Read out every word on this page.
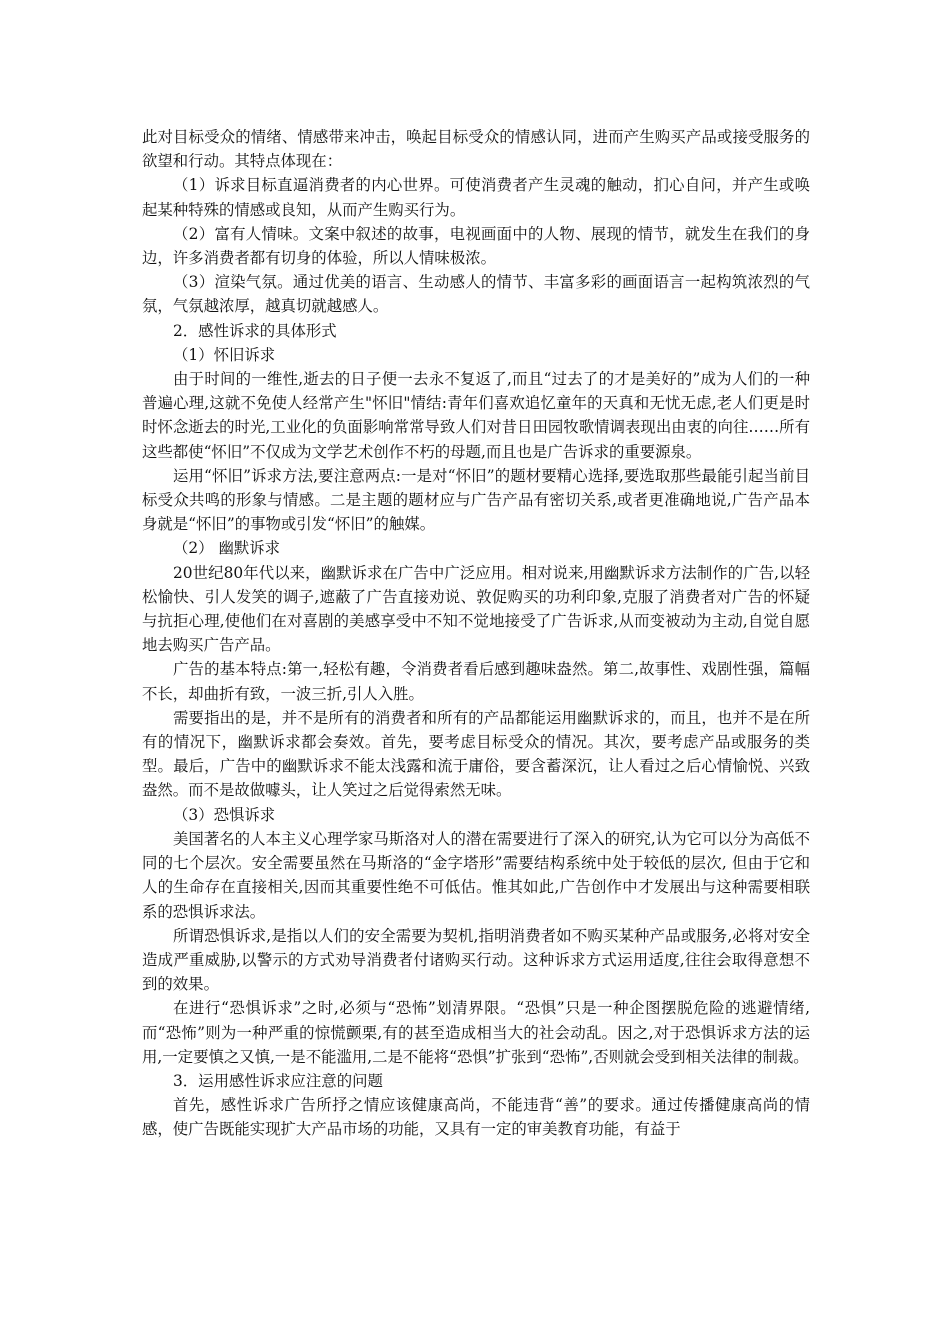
此对目标受众的情绪、情感带来冲击，唤起目标受众的情感认同，进而产生购买产品或接受服务的欲望和行动。其特点体现在：

（1）诉求目标直逼消费者的内心世界。可使消费者产生灵魂的触动，扪心自问，并产生或唤起某种特殊的情感或良知，从而产生购买行为。

（2）富有人情味。文案中叙述的故事，电视画面中的人物、展现的情节，就发生在我们的身边，许多消费者都有切身的体验，所以人情味极浓。

（3）渲染气氛。通过优美的语言、生动感人的情节、丰富多彩的画面语言一起构筑浓烈的气氛，气氛越浓厚，越真切就越感人。

2．感性诉求的具体形式

（1）怀旧诉求

由于时间的一维性,逝去的日子便一去永不复返了,而且“过去了的才是美好的”成为人们的一种普遍心理,这就不免使人经常产生"怀旧"情结:青年们喜欢追忆童年的天真和无忧无虑,老人们更是时时怀念逝去的时光,工业化的负面影响常常导致人们对昔日田园牧歌情调表现出由衷的向往……所有这些都使“怀旧”不仅成为文学艺术创作不朽的母题,而且也是广告诉求的重要源泉。

运用“怀旧”诉求方法,要注意两点:一是对“怀旧”的题材要精心选择,要选取那些最能引起当前目标受众共鸣的形象与情感。二是主题的题材应与广告产品有密切关系,或者更准确地说,广告产品本身就是“怀旧”的事物或引发“怀旧”的触媒。

（2） 幽默诉求

20世纪80年代以来，幽默诉求在广告中广泛应用。相对说来,用幽默诉求方法制作的广告,以轻松愉快、引人发笑的调子,遮蔽了广告直接劝说、敦促购买的功利印象,克服了消费者对广告的怀疑与抗拒心理,使他们在对喜剧的美感享受中不知不觉地接受了广告诉求,从而变被动为主动,自觉自愿地去购买广告产品。

广告的基本特点:第一,轻松有趣，令消费者看后感到趣味盎然。第二,故事性、戏剧性强，篇幅不长，却曲折有致，一波三折,引人入胜。

需要指出的是，并不是所有的消费者和所有的产品都能运用幽默诉求的，而且，也并不是在所有的情况下，幽默诉求都会奏效。首先，要考虑目标受众的情况。其次，要考虑产品或服务的类型。最后，广告中的幽默诉求不能太浅露和流于庸俗，要含蓄深沉，让人看过之后心情愉悦、兴致盎然。而不是故做噱头，让人笑过之后觉得索然无味。

（3）恐惧诉求

美国著名的人本主义心理学家马斯洛对人的潜在需要进行了深入的研究,认为它可以分为高低不同的七个层次。安全需要虽然在马斯洛的“金字塔形”需要结构系统中处于较低的层次, 但由于它和人的生命存在直接相关,因而其重要性绝不可低估。惟其如此,广告创作中才发展出与这种需要相联系的恐惧诉求法。

所谓恐惧诉求,是指以人们的安全需要为契机,指明消费者如不购买某种产品或服务,必将对安全造成严重威胁,以警示的方式劝导消费者付诸购买行动。这种诉求方式运用适度,往往会取得意想不到的效果。

在进行“恐惧诉求”之时,必须与“恐怖”划清界限。“恐惧”只是一种企图摆脱危险的逃避情绪,而“恐怖”则为一种严重的惊慌颤栗,有的甚至造成相当大的社会动乱。因之,对于恐惧诉求方法的运用,一定要慎之又慎,一是不能滥用,二是不能将“恐惧”扩张到“恐怖”,否则就会受到相关法律的制裁。

3．运用感性诉求应注意的问题

首先，感性诉求广告所抒之情应该健康高尚，不能违背“善”的要求。通过传播健康高尚的情感，使广告既能实现扩大产品市场的功能，又具有一定的审美教育功能，有益于
